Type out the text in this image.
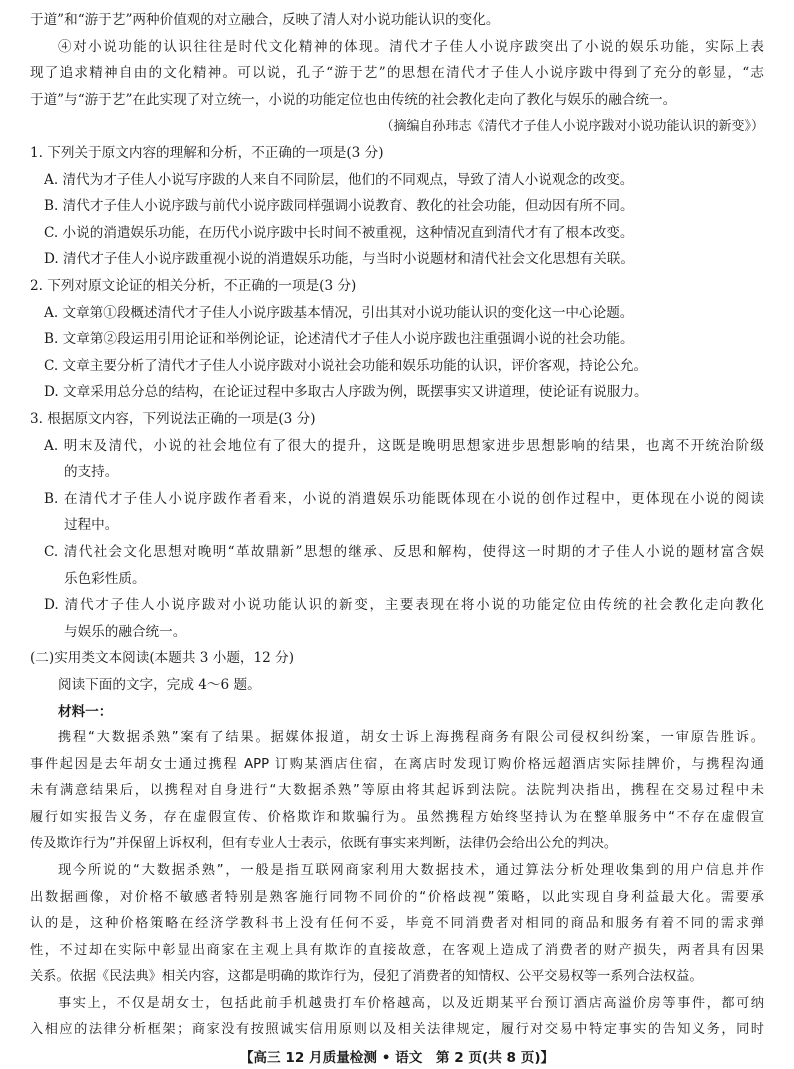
于道”和“游于艺”两种价值观的对立融合，反映了清人对小说功能认识的变化。
④对小说功能的认识往往是时代文化精神的体现。清代才子佳人小说序跋突出了小说的娱乐功能，实际上表
现了追求精神自由的文化精神。可以说，孔子“游于艺”的思想在清代才子佳人小说序跋中得到了充分的彰显，“志
于道”与“游于艺”在此实现了对立统一，小说的功能定位也由传统的社会教化走向了教化与娱乐的融合统一。
（摘编自孙玮志《清代才子佳人小说序跋对小说功能认识的新变》）
1. 下列关于原文内容的理解和分析，不正确的一项是(3 分)
A. 清代为才子佳人小说写序跋的人来自不同阶层，他们的不同观点，导致了清人小说观念的改变。
B. 清代才子佳人小说序跋与前代小说序跋同样强调小说教育、教化的社会功能，但动因有所不同。
C. 小说的消遣娱乐功能，在历代小说序跋中长时间不被重视，这种情况直到清代才有了根本改变。
D. 清代才子佳人小说序跋重视小说的消遣娱乐功能，与当时小说题材和清代社会文化思想有关联。
2. 下列对原文论证的相关分析，不正确的一项是(3 分)
A. 文章第①段概述清代才子佳人小说序跋基本情况，引出其对小说功能认识的变化这一中心论题。
B. 文章第②段运用引用论证和举例论证，论述清代才子佳人小说序跋也注重强调小说的社会功能。
C. 文章主要分析了清代才子佳人小说序跋对小说社会功能和娱乐功能的认识，评价客观，持论公允。
D. 文章采用总分总的结构，在论证过程中多取古人序跋为例，既摆事实又讲道理，使论证有说服力。
3. 根据原文内容，下列说法正确的一项是(3 分)
A. 明末及清代，小说的社会地位有了很大的提升，这既是晚明思想家进步思想影响的结果，也离不开统治阶级
的支持。
B. 在清代才子佳人小说序跋作者看来，小说的消遣娱乐功能既体现在小说的创作过程中，更体现在小说的阅读
过程中。
C. 清代社会文化思想对晚明“革故鼎新”思想的继承、反思和解构，使得这一时期的才子佳人小说的题材富含娱
乐色彩性质。
D. 清代才子佳人小说序跋对小说功能认识的新变，主要表现在将小说的功能定位由传统的社会教化走向教化
与娱乐的融合统一。
(二)实用类文本阅读(本题共 3 小题，12 分)
阅读下面的文字，完成 4～6 题。
材料一：
携程“大数据杀熟”案有了结果。据媒体报道，胡女士诉上海携程商务有限公司侵权纠纷案，一审原告胜诉。
事件起因是去年胡女士通过携程 APP 订购某酒店住宿，在离店时发现订购价格远超酒店实际挂牌价，与携程沟通
未有满意结果后，以携程对自身进行“大数据杀熟”等原由将其起诉到法院。法院判决指出，携程在交易过程中未
履行如实报告义务，存在虚假宣传、价格欺诈和欺骗行为。虽然携程方始终坚持认为在整单服务中“不存在虚假宣
传及欺诈行为”并保留上诉权利，但有专业人士表示，依既有事实来判断，法律仍会给出公允的判决。
现今所说的“大数据杀熟”，一般是指互联网商家利用大数据技术，通过算法分析处理收集到的用户信息并作
出数据画像，对价格不敏感者特别是熟客施行同物不同价的“价格歧视”策略，以此实现自身利益最大化。需要承
认的是，这种价格策略在经济学教科书上没有任何不妥，毕竟不同消费者对相同的商品和服务有着不同的需求弹
性，不过却在实际中彰显出商家在主观上具有欺诈的直接故意，在客观上造成了消费者的财产损失，两者具有因果
关系。依据《民法典》相关内容，这都是明确的欺诈行为，侵犯了消费者的知情权、公平交易权等一系列合法权益。
事实上，不仅是胡女士，包括此前手机越贵打车价格越高，以及近期某平台预订酒店高溢价房等事件，都可纳
入相应的法律分析框架；商家没有按照诚实信用原则以及相关法律规定，履行对交易中特定事实的告知义务，同时
【高三 12 月质量检测 • 语文　第 2 页(共 8 页)】
